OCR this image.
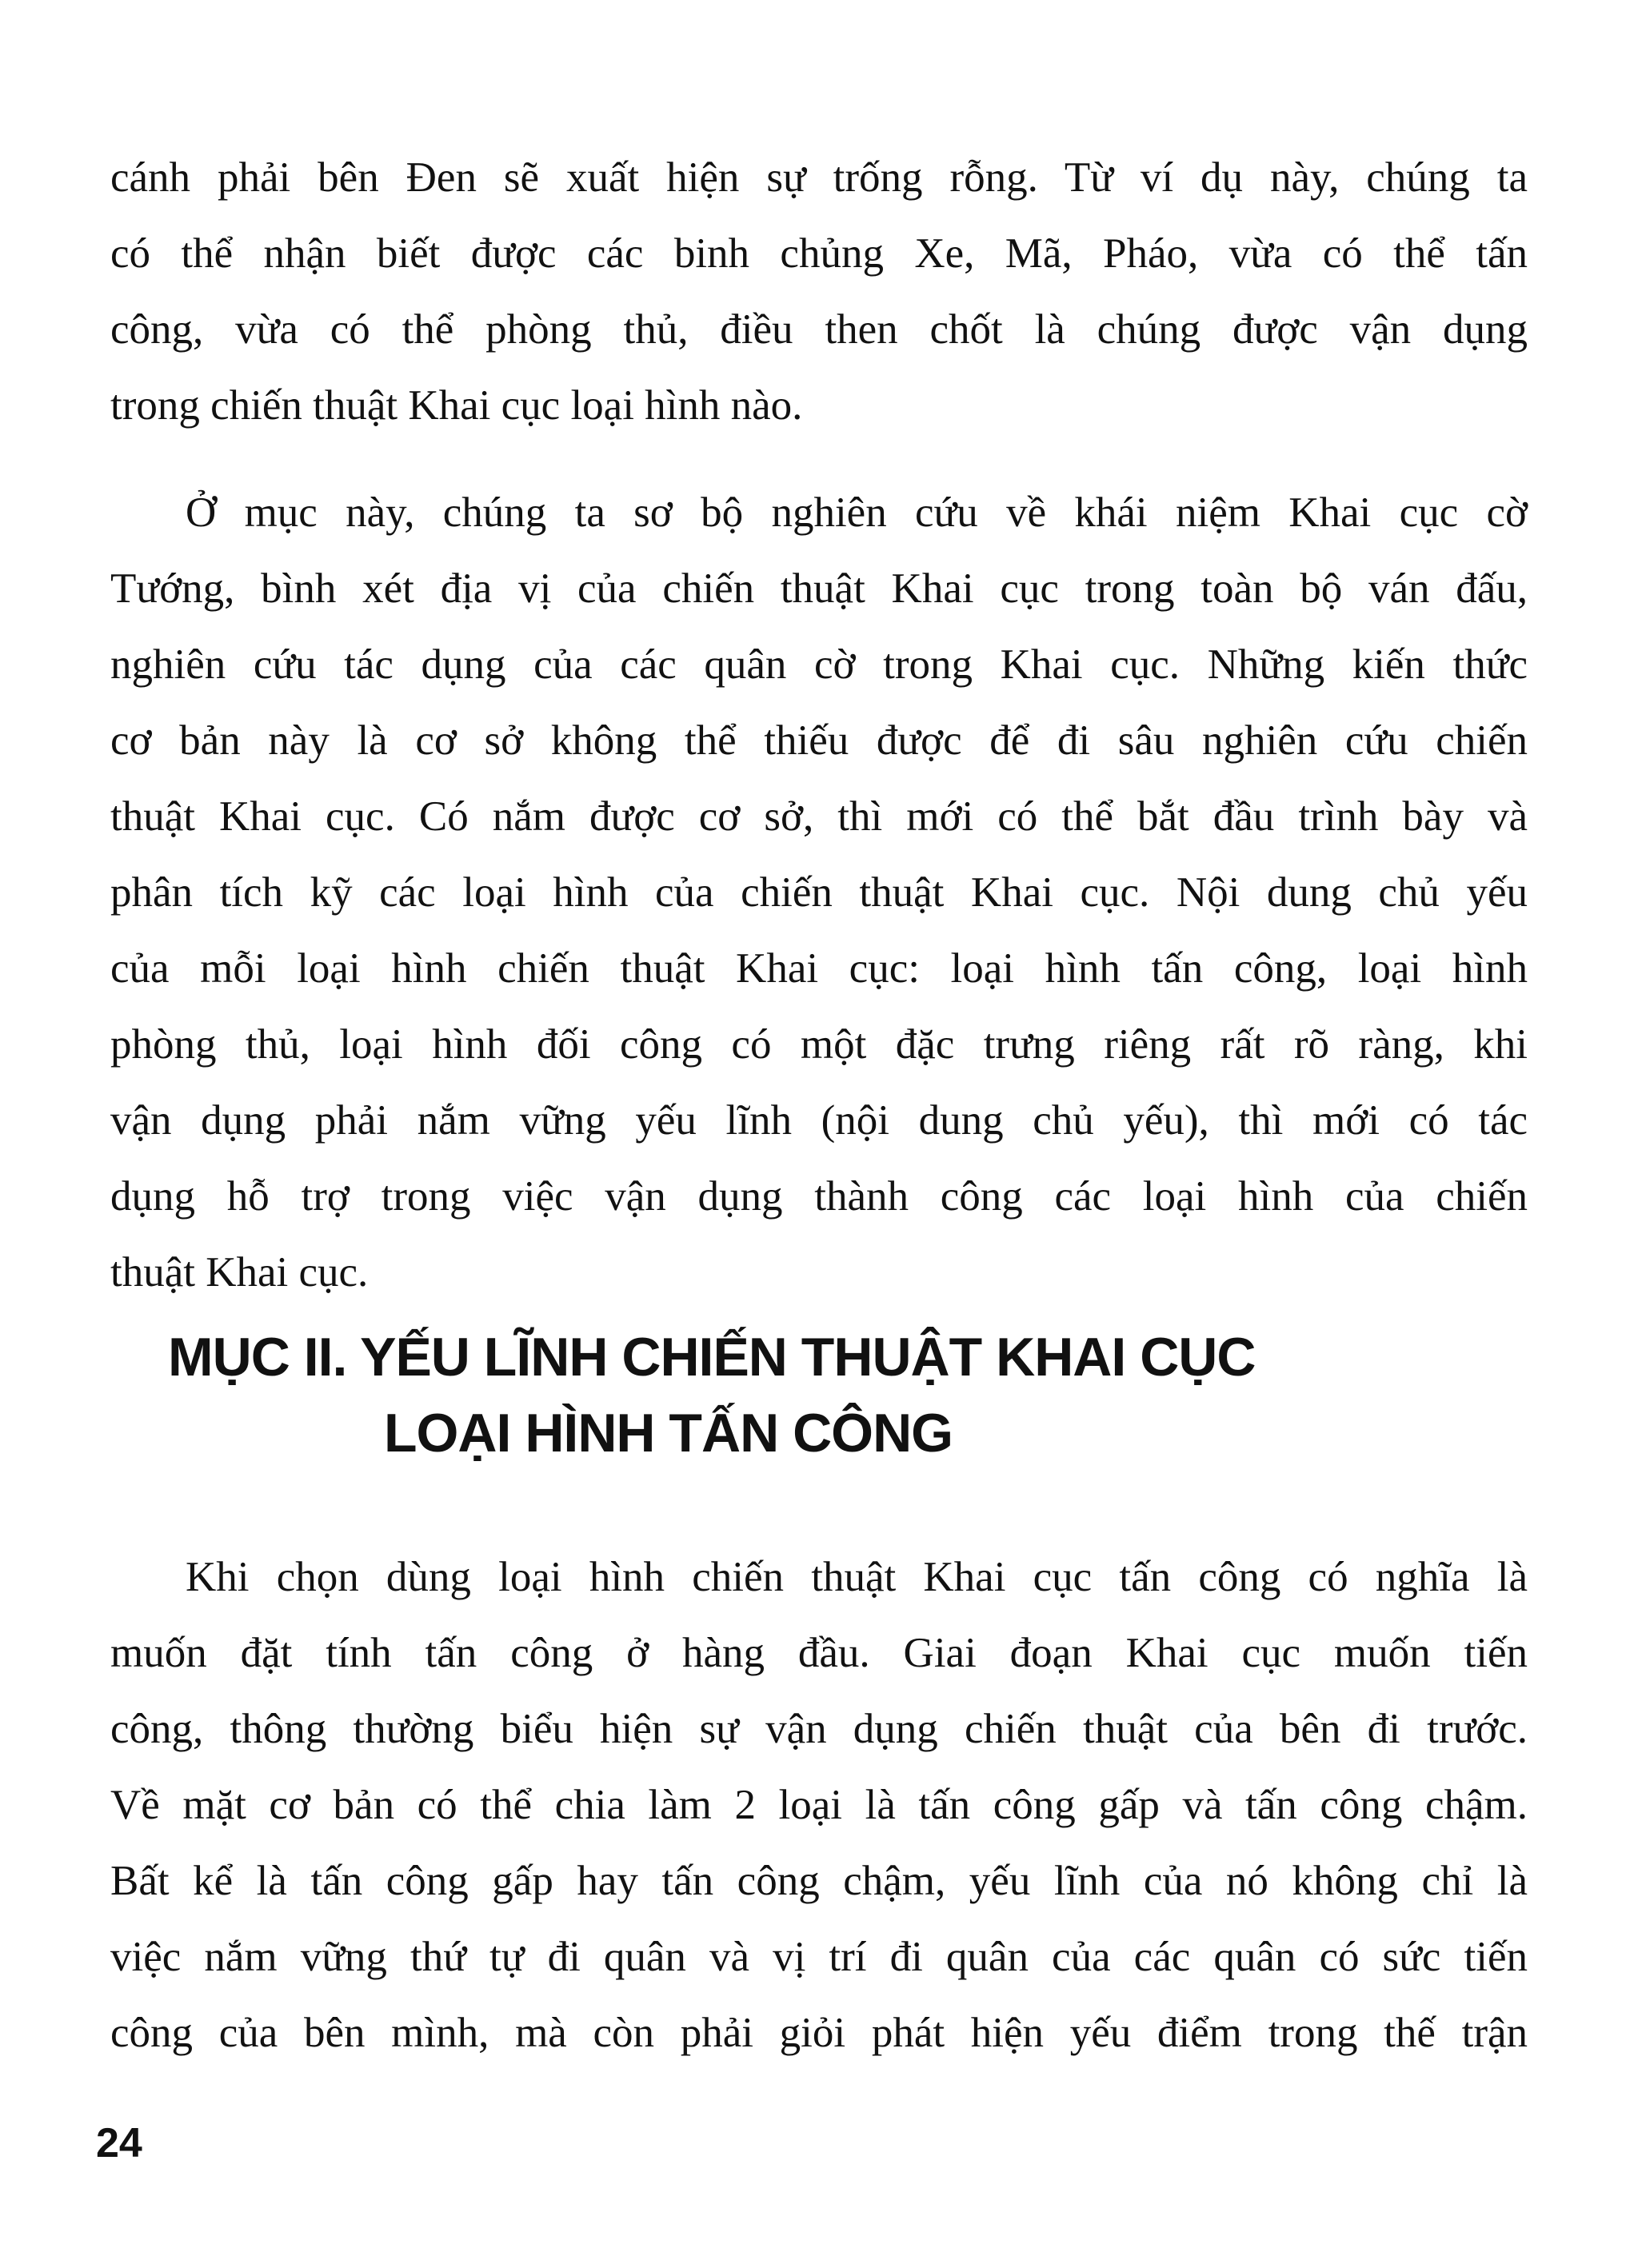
cánh phải bên Đen sẽ xuất hiện sự trống rỗng. Từ ví dụ này, chúng ta
có thể nhận biết được các binh chủng Xe, Mã, Pháo, vừa có thể tấn
công, vừa có thể phòng thủ, điều then chốt là chúng được vận dụng
trong chiến thuật Khai cục loại hình nào.
Ở mục này, chúng ta sơ bộ nghiên cứu về khái niệm Khai cục cờ
Tướng, bình xét địa vị của chiến thuật Khai cục trong toàn bộ ván đấu,
nghiên cứu tác dụng của các quân cờ trong Khai cục. Những kiến thức
cơ bản này là cơ sở không thể thiếu được để đi sâu nghiên cứu chiến
thuật Khai cục. Có nắm được cơ sở, thì mới có thể bắt đầu trình bày và
phân tích kỹ các loại hình của chiến thuật Khai cục. Nội dung chủ yếu
của mỗi loại hình chiến thuật Khai cục: loại hình tấn công, loại hình
phòng thủ, loại hình đối công có một đặc trưng riêng rất rõ ràng, khi
vận dụng phải nắm vững yếu lĩnh (nội dung chủ yếu), thì mới có tác
dụng hỗ trợ trong việc vận dụng thành công các loại hình của chiến
thuật Khai cục.
MỤC II. YẾU LĨNH CHIẾN THUẬT KHAI CỤC
LOẠI HÌNH TẤN CÔNG
Khi chọn dùng loại hình chiến thuật Khai cục tấn công có nghĩa là
muốn đặt tính tấn công ở hàng đầu. Giai đoạn Khai cục muốn tiến
công, thông thường biểu hiện sự vận dụng chiến thuật của bên đi trước.
Về mặt cơ bản có thể chia làm 2 loại là tấn công gấp và tấn công chậm.
Bất kể là tấn công gấp hay tấn công chậm, yếu lĩnh của nó không chỉ là
việc nắm vững thứ tự đi quân và vị trí đi quân của các quân có sức tiến
công của bên mình, mà còn phải giỏi phát hiện yếu điểm trong thế trận
24
